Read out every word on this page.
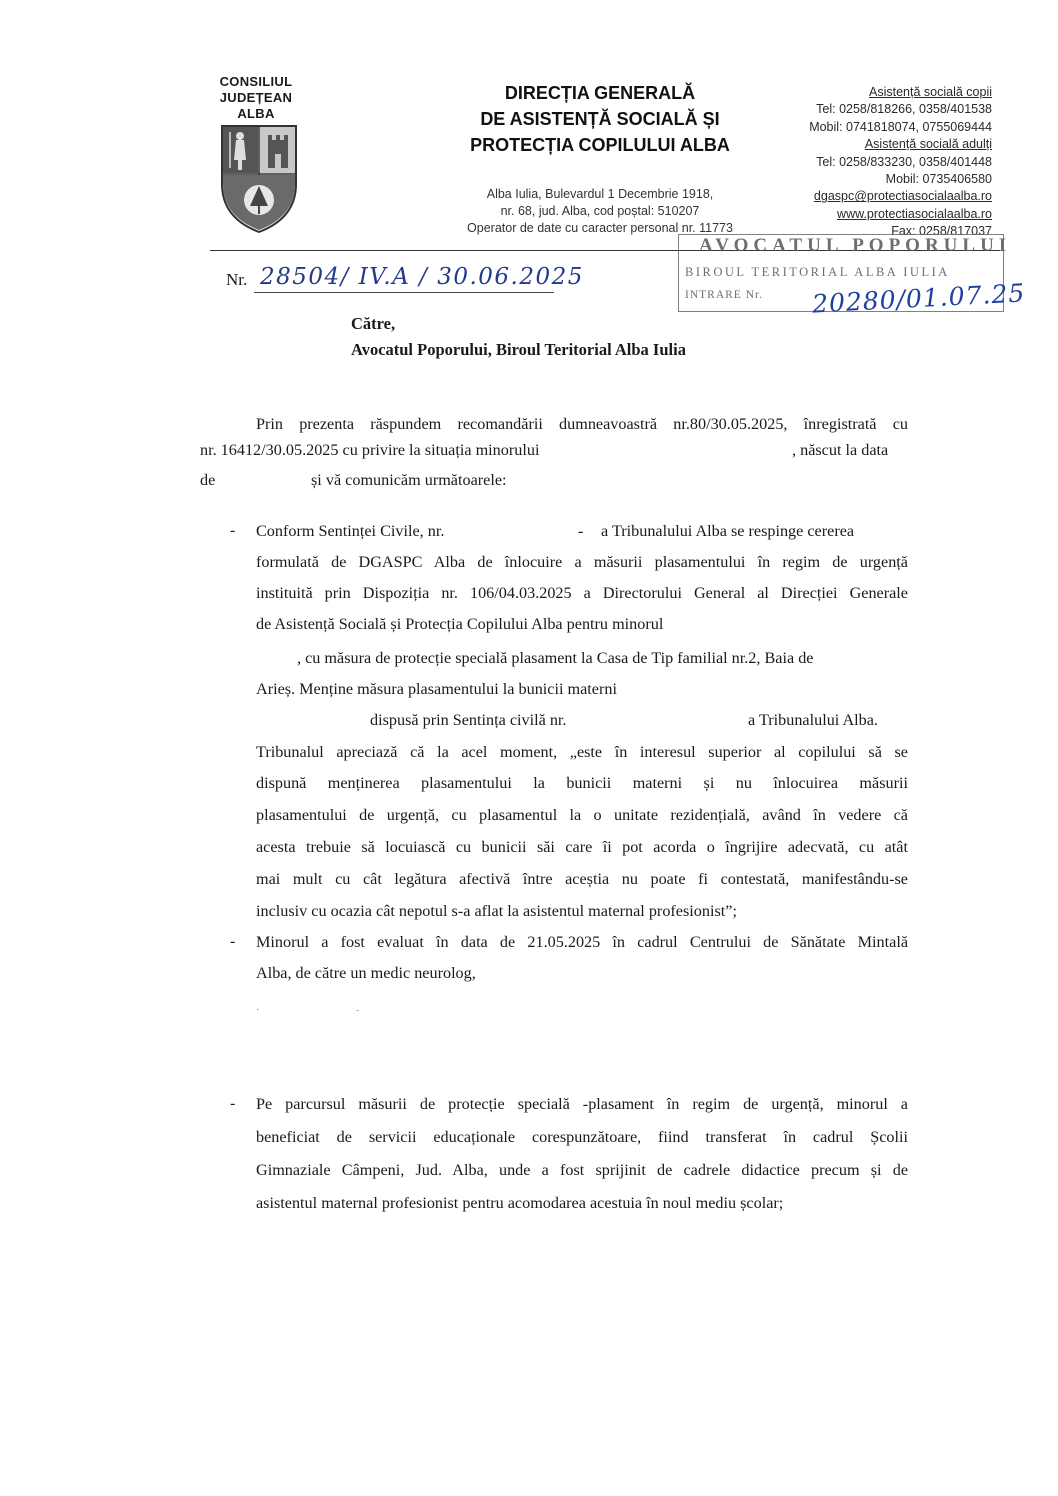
CONSILIUL
JUDEȚEAN
ALBA
DIRECȚIA GENERALĂ
DE ASISTENȚĂ SOCIALĂ ȘI
PROTECȚIA COPILULUI ALBA
Alba Iulia, Bulevardul 1 Decembrie 1918,
nr. 68, jud. Alba, cod poștal: 510207
Operator de date cu caracter personal nr. 11773
Asistență socială copii
Tel: 0258/818266, 0358/401538
Mobil: 0741818074, 0755069444
Asistență socială adulți
Tel: 0258/833230, 0358/401448
Mobil: 0735406580
dgaspc@protectiasocialaalba.ro
www.protectiasocialaalba.ro
Fax: 0258/817037
AVOCATUL POPORULUI
BIROUL TERITORIAL ALBA IULIA
INTRARE Nr. 20280/01.07.25
Nr. 28504/ IV.A / 30.06.2025
Către,
Avocatul Poporului, Biroul Teritorial Alba Iulia
Prin prezenta răspundem recomandării dumneavoastră nr.80/30.05.2025, înregistrată cu
nr. 16412/30.05.2025 cu privire la situația minorului	, născut la data
de	și vă comunicăm următoarele:
- Conform Sentinței Civile, nr.	- a Tribunalului Alba se respinge cererea
formulată de DGASPC Alba de înlocuire a măsurii plasamentului în regim de urgență
instituită prin Dispoziția nr. 106/04.03.2025 a Directorului General al Direcției Generale
de Asistență Socială și Protecția Copilului Alba pentru minorul
, cu măsura de protecție specială plasament la Casa de Tip familial nr.2, Baia de
Arieș. Menține măsura plasamentului la bunicii materni
dispusă prin Sentința civilă nr.	a Tribunalului Alba.
Tribunalul apreciază că la acel moment, „este în interesul superior al copilului să se
dispună menținerea plasamentului la bunicii materni și nu înlocuirea măsurii
plasamentului de urgență, cu plasamentul la o unitate rezidențială, având în vedere că
acesta trebuie să locuiască cu bunicii săi care îi pot acorda o îngrijire adecvată, cu atât
mai mult cu cât legătura afectivă între aceștia nu poate fi contestată, manifestându-se
inclusiv cu ocazia cât nepotul s-a aflat la asistentul maternal profesionist”;
- Minorul a fost evaluat în data de 21.05.2025 în cadrul Centrului de Sănătate Mintală
Alba, de către un medic neurolog,
·	-
- Pe parcursul măsurii de protecție specială -plasament în regim de urgență, minorul a
beneficiat de servicii educaționale corespunzătoare, fiind transferat în cadrul Școlii
Gimnaziale Câmpeni, Jud. Alba, unde a fost sprijinit de cadrele didactice precum și de
asistentul maternal profesionist pentru acomodarea acestuia în noul mediu școlar;
